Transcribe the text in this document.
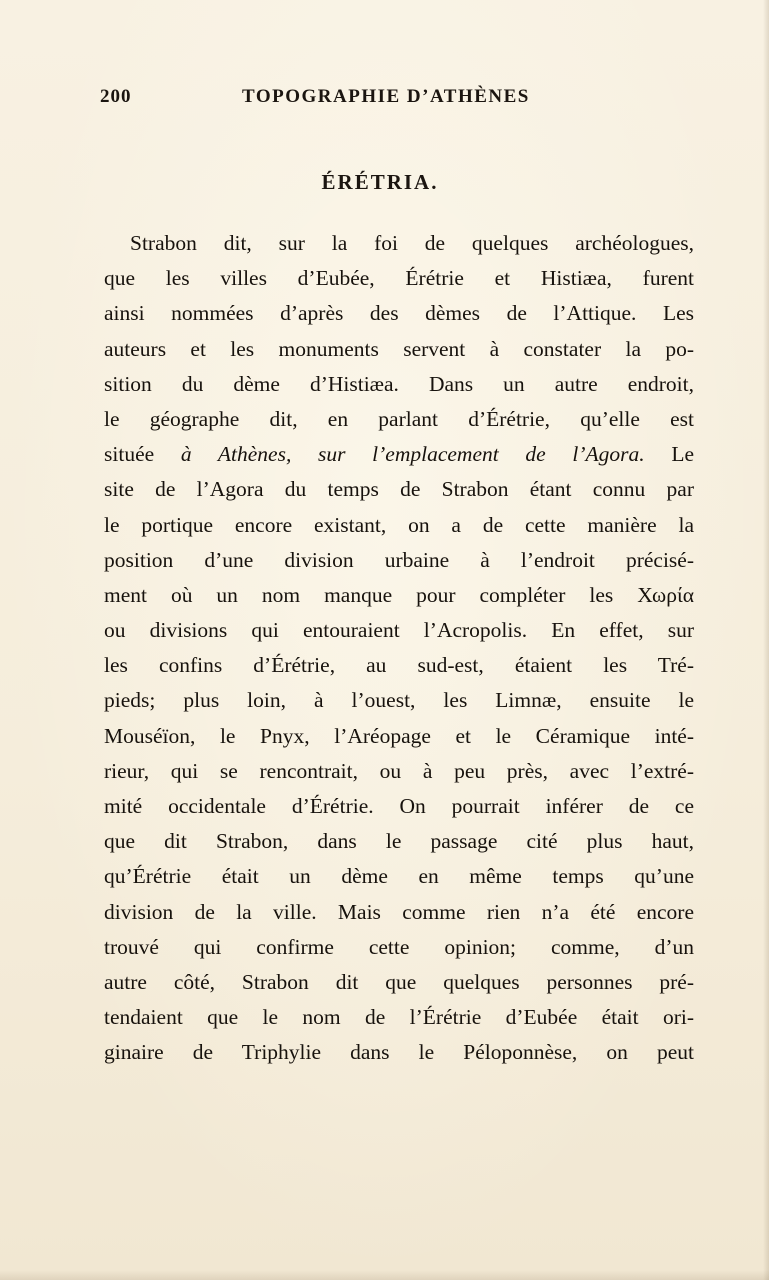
200	TOPOGRAPHIE D’ATHÈNES
ÉRÉTRIA.
Strabon dit, sur la foi de quelques archéologues,
que les villes d’Eubée, Érétrie et Histiæa, furent
ainsi nommées d’après des dèmes de l’Attique. Les
auteurs et les monuments servent à constater la po-
sition du dème d’Histiæa. Dans un autre endroit,
le géographe dit, en parlant d’Érétrie, qu’elle est
située à Athènes, sur l’emplacement de l’Agora. Le
site de l’Agora du temps de Strabon étant connu par
le portique encore existant, on a de cette manière la
position d’une division urbaine à l’endroit précisé-
ment où un nom manque pour compléter les Χωρία
ou divisions qui entouraient l’Acropolis. En effet, sur
les confins d’Érétrie, au sud-est, étaient les Tré-
pieds; plus loin, à l’ouest, les Limnæ, ensuite le
Mouséïon, le Pnyx, l’Aréopage et le Céramique inté-
rieur, qui se rencontrait, ou à peu près, avec l’extré-
mité occidentale d’Érétrie. On pourrait inférer de ce
que dit Strabon, dans le passage cité plus haut,
qu’Érétrie était un dème en même temps qu’une
division de la ville. Mais comme rien n’a été encore
trouvé qui confirme cette opinion; comme, d’un
autre côté, Strabon dit que quelques personnes pré-
tendaient que le nom de l’Érétrie d’Eubée était ori-
ginaire de Triphylie dans le Péloponnèse, on peut
